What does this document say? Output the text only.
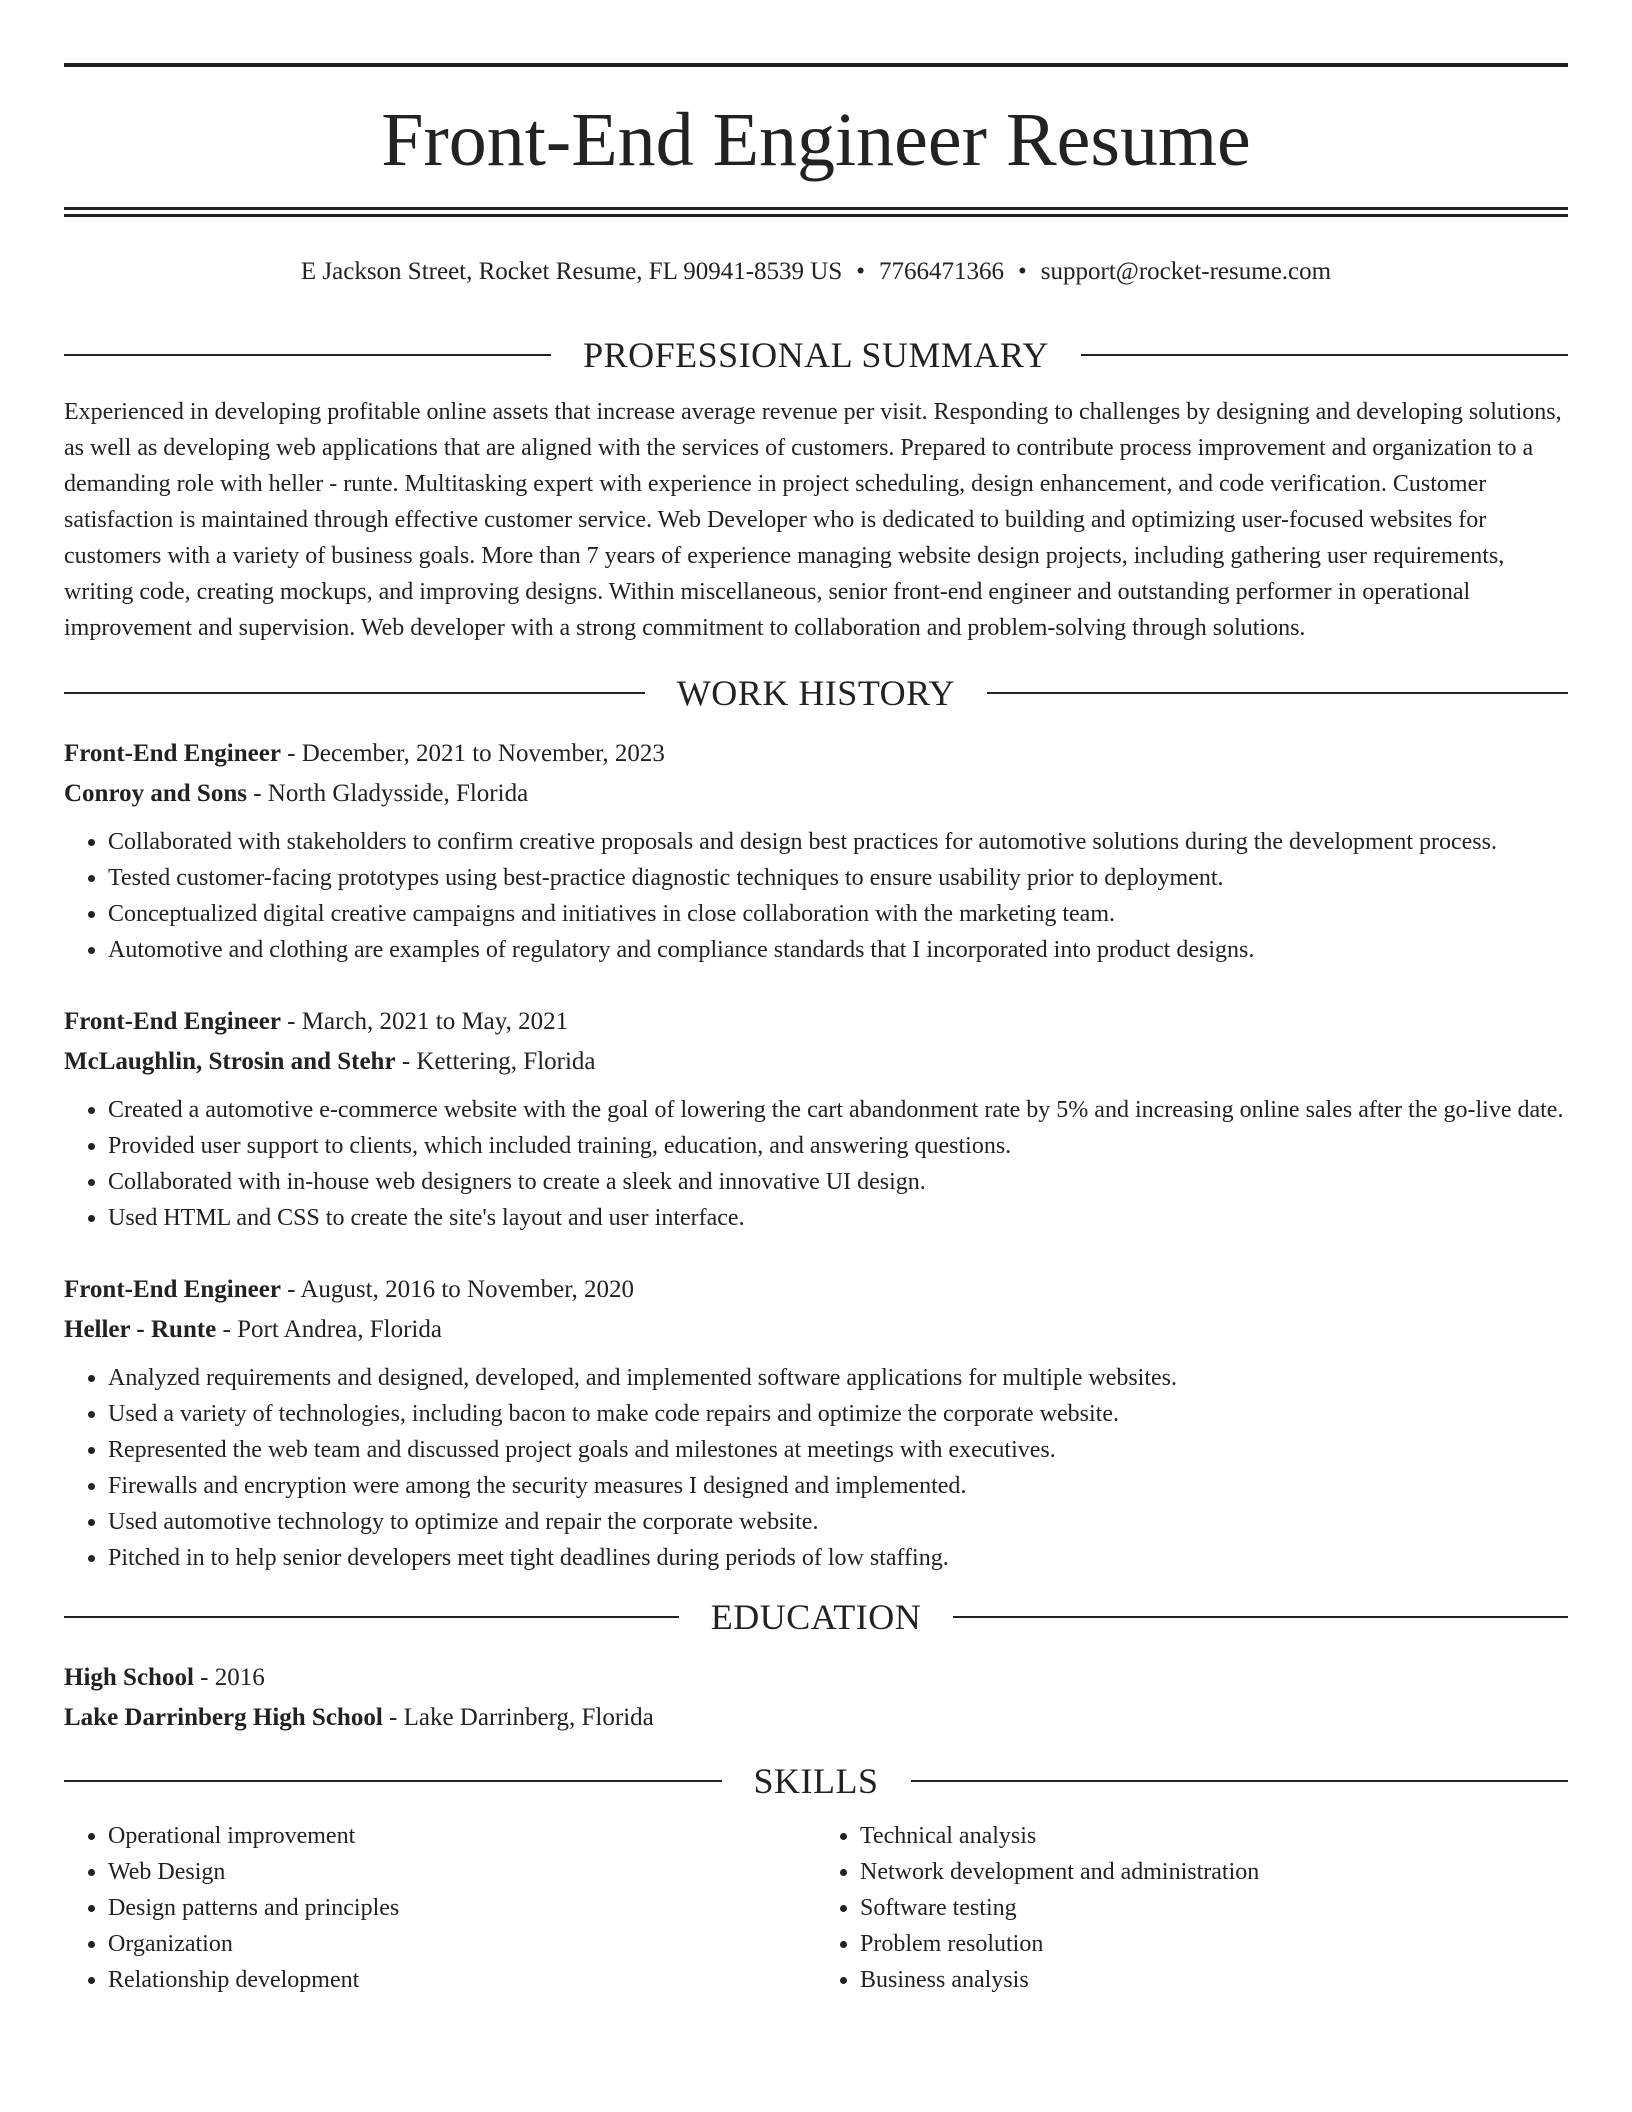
Front-End Engineer Resume
E Jackson Street, Rocket Resume, FL 90941-8539 US • 7766471366 • support@rocket-resume.com
PROFESSIONAL SUMMARY

Experienced in developing profitable online assets that increase average revenue per visit. Responding to challenges by designing and developing solutions, as well as developing web applications that are aligned with the services of customers. Prepared to contribute process improvement and organization to a demanding role with heller - runte. Multitasking expert with experience in project scheduling, design enhancement, and code verification. Customer satisfaction is maintained through effective customer service. Web Developer who is dedicated to building and optimizing user-focused websites for customers with a variety of business goals. More than 7 years of experience managing website design projects, including gathering user requirements, writing code, creating mockups, and improving designs. Within miscellaneous, senior front-end engineer and outstanding performer in operational improvement and supervision. Web developer with a strong commitment to collaboration and problem-solving through solutions.

WORK HISTORY
Front-End Engineer - December, 2021 to November, 2023
Conroy and Sons - North Gladysside, Florida
• Collaborated with stakeholders to confirm creative proposals and design best practices for automotive solutions during the development process.
• Tested customer-facing prototypes using best-practice diagnostic techniques to ensure usability prior to deployment.
• Conceptualized digital creative campaigns and initiatives in close collaboration with the marketing team.
• Automotive and clothing are examples of regulatory and compliance standards that I incorporated into product designs.
Front-End Engineer - March, 2021 to May, 2021
McLaughlin, Strosin and Stehr - Kettering, Florida
• Created a automotive e-commerce website with the goal of lowering the cart abandonment rate by 5% and increasing online sales after the go-live date.
• Provided user support to clients, which included training, education, and answering questions.
• Collaborated with in-house web designers to create a sleek and innovative UI design.
• Used HTML and CSS to create the site's layout and user interface.
Front-End Engineer - August, 2016 to November, 2020
Heller - Runte - Port Andrea, Florida
• Analyzed requirements and designed, developed, and implemented software applications for multiple websites.
• Used a variety of technologies, including bacon to make code repairs and optimize the corporate website.
• Represented the web team and discussed project goals and milestones at meetings with executives.
• Firewalls and encryption were among the security measures I designed and implemented.
• Used automotive technology to optimize and repair the corporate website.
• Pitched in to help senior developers meet tight deadlines during periods of low staffing.
EDUCATION
High School - 2016
Lake Darrinberg High School - Lake Darrinberg, Florida
SKILLS
• Operational improvement
• Web Design
• Design patterns and principles
• Organization
• Relationship development
• Technical analysis
• Network development and administration
• Software testing
• Problem resolution
• Business analysis
